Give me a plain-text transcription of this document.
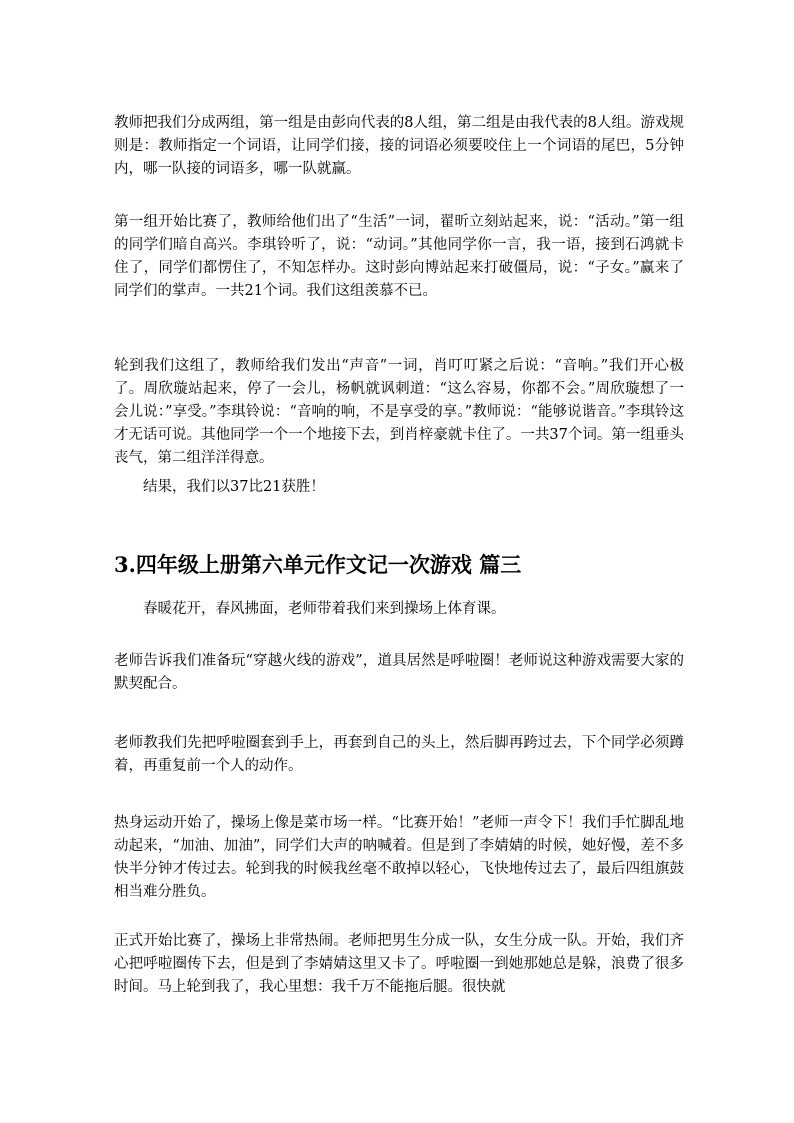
教师把我们分成两组，第一组是由彭向代表的8人组，第二组是由我代表的8人组。游戏规则是：教师指定一个词语，让同学们接，接的词语必须要咬住上一个词语的尾巴，5分钟内，哪一队接的词语多，哪一队就赢。

第一组开始比赛了，教师给他们出了“生活”一词，翟昕立刻站起来，说：“活动。”第一组的同学们暗自高兴。李琪铃听了，说：“动词。”其他同学你一言，我一语，接到石鸿就卡住了，同学们都愣住了，不知怎样办。这时彭向博站起来打破僵局，说：“子女。”赢来了同学们的掌声。一共21个词。我们这组羡慕不已。

轮到我们这组了，教师给我们发出“声音”一词，肖叮叮紧之后说：“音响。”我们开心极了。周欣璇站起来，停了一会儿，杨帆就讽刺道：“这么容易，你都不会。”周欣璇想了一会儿说：”享受。”李琪铃说：“音响的响，不是享受的享。”教师说：“能够说谐音。”李琪铃这才无话可说。其他同学一个一个地接下去，到肖梓豪就卡住了。一共37个词。第一组垂头丧气，第二组洋洋得意。

结果，我们以37比21获胜！

3.四年级上册第六单元作文记一次游戏 篇三

春暖花开，春风拂面，老师带着我们来到操场上体育课。

老师告诉我们准备玩“穿越火线的游戏”，道具居然是呼啦圈！老师说这种游戏需要大家的默契配合。

老师教我们先把呼啦圈套到手上，再套到自己的头上，然后脚再跨过去，下个同学必须蹲着，再重复前一个人的动作。

热身运动开始了，操场上像是菜市场一样。“比赛开始！”老师一声令下！我们手忙脚乱地动起来，“加油、加油”，同学们大声的呐喊着。但是到了李婧婧的时候，她好慢，差不多快半分钟才传过去。轮到我的时候我丝毫不敢掉以轻心，飞快地传过去了，最后四组旗鼓相当难分胜负。

正式开始比赛了，操场上非常热闹。老师把男生分成一队，女生分成一队。开始，我们齐心把呼啦圈传下去，但是到了李婧婧这里又卡了。呼啦圈一到她那她总是躲，浪费了很多时间。马上轮到我了，我心里想：我千万不能拖后腿。很快就
